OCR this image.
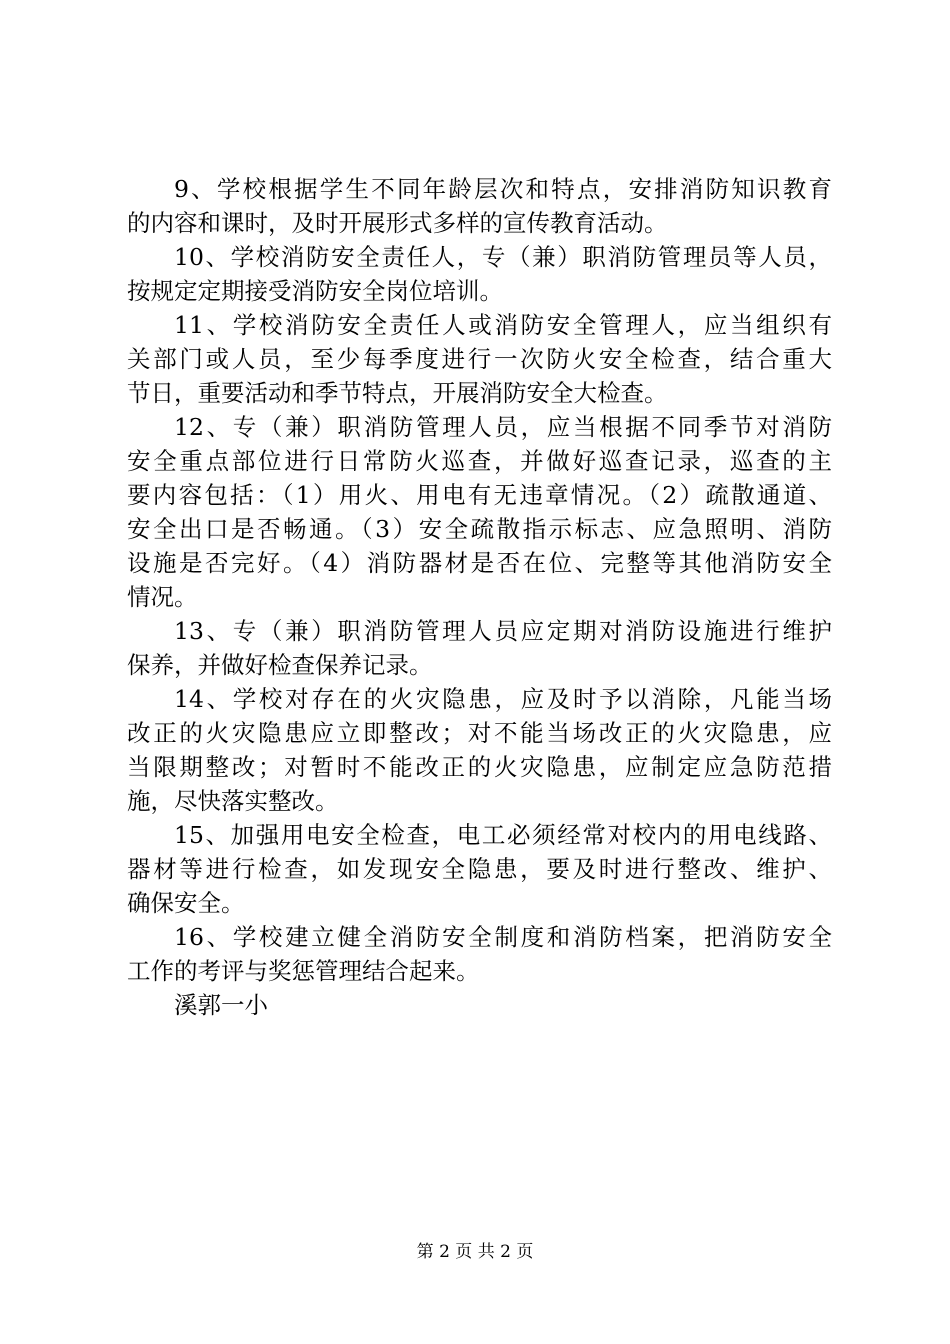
9、学校根据学生不同年龄层次和特点，安排消防知识教育
的内容和课时，及时开展形式多样的宣传教育活动。
10、学校消防安全责任人，专（兼）职消防管理员等人员，
按规定定期接受消防安全岗位培训。
11、学校消防安全责任人或消防安全管理人，应当组织有
关部门或人员，至少每季度进行一次防火安全检查，结合重大
节日，重要活动和季节特点，开展消防安全大检查。
12、专（兼）职消防管理人员，应当根据不同季节对消防
安全重点部位进行日常防火巡查，并做好巡查记录，巡查的主
要内容包括：（1）用火、用电有无违章情况。（2）疏散通道、
安全出口是否畅通。（3）安全疏散指示标志、应急照明、消防
设施是否完好。（4）消防器材是否在位、完整等其他消防安全
情况。
13、专（兼）职消防管理人员应定期对消防设施进行维护
保养，并做好检查保养记录。
14、学校对存在的火灾隐患，应及时予以消除，凡能当场
改正的火灾隐患应立即整改；对不能当场改正的火灾隐患，应
当限期整改；对暂时不能改正的火灾隐患，应制定应急防范措
施，尽快落实整改。
15、加强用电安全检查，电工必须经常对校内的用电线路、
器材等进行检查，如发现安全隐患，要及时进行整改、维护、
确保安全。
16、学校建立健全消防安全制度和消防档案，把消防安全
工作的考评与奖惩管理结合起来。
溪郭一小
第 2 页 共 2 页
